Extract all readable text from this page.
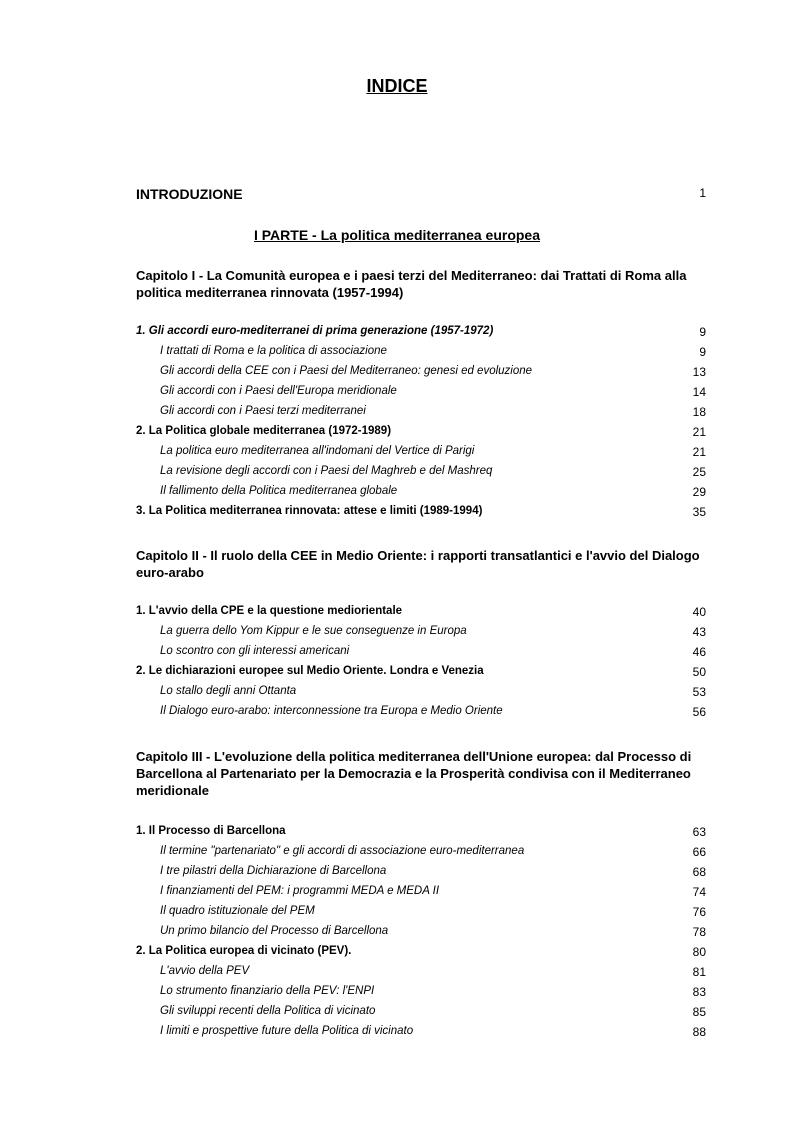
INDICE
INTRODUZIONE	1
I PARTE - La politica mediterranea europea
Capitolo I - La Comunità europea e i paesi terzi del Mediterraneo: dai Trattati di Roma alla politica mediterranea rinnovata (1957-1994)
1. Gli accordi euro-mediterranei di prima generazione (1957-1972)	9
I trattati di Roma e la politica di associazione	9
Gli accordi della CEE con i Paesi del Mediterraneo: genesi ed evoluzione	13
Gli accordi con i Paesi dell'Europa meridionale	14
Gli accordi con i Paesi terzi mediterranei	18
2. La Politica globale mediterranea (1972-1989)	21
La politica euro mediterranea all'indomani del Vertice di Parigi	21
La revisione degli accordi con i Paesi del Maghreb e del Mashreq	25
Il fallimento della Politica mediterranea globale	29
3. La Politica mediterranea rinnovata: attese e limiti (1989-1994)	35
Capitolo II - Il ruolo della CEE in Medio Oriente: i rapporti transatlantici e l'avvio del Dialogo euro-arabo
1. L'avvio della CPE e la questione mediorientale	40
La guerra dello Yom Kippur e le sue conseguenze in Europa	43
Lo scontro con gli interessi americani	46
2. Le dichiarazioni europee sul Medio Oriente. Londra e Venezia	50
Lo stallo degli anni Ottanta	53
Il Dialogo euro-arabo: interconnessione tra Europa e Medio Oriente	56
Capitolo III - L'evoluzione della politica mediterranea dell'Unione europea: dal Processo di Barcellona al Partenariato per la Democrazia e la Prosperità condivisa con il Mediterraneo meridionale
1. Il Processo di Barcellona	63
Il termine "partenariato" e gli accordi di associazione euro-mediterranea	66
I tre pilastri della Dichiarazione di Barcellona	68
I finanziamenti del PEM: i programmi MEDA e MEDA II	74
Il quadro istituzionale del PEM	76
Un primo bilancio del Processo di Barcellona	78
2. La Politica europea di vicinato (PEV).	80
L'avvio della PEV	81
Lo strumento finanziario della PEV: l'ENPI	83
Gli sviluppi recenti della Politica di vicinato	85
I limiti e prospettive future della Politica di vicinato	88
